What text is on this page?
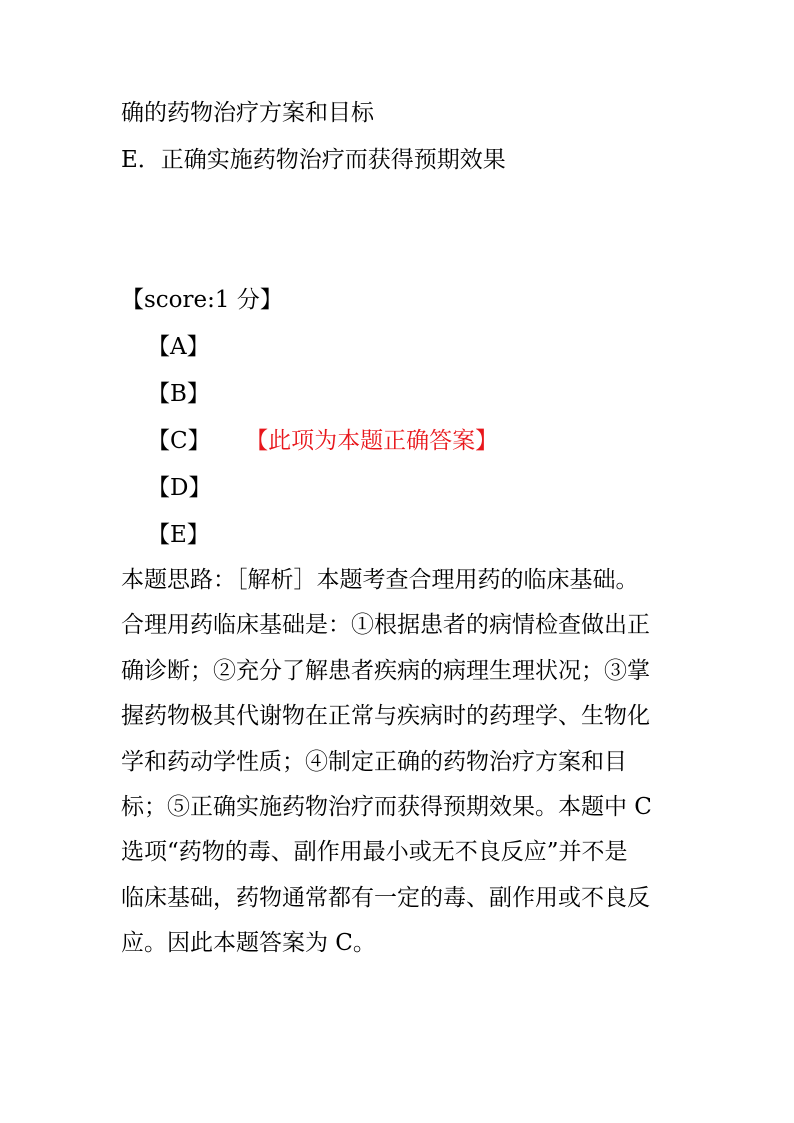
确的药物治疗方案和目标
E．正确实施药物治疗而获得预期效果
【score:1 分】
【A】
【B】
【C】 【此项为本题正确答案】
【D】
【E】
本题思路：［解析］本题考查合理用药的临床基础。
合理用药临床基础是：①根据患者的病情检查做出正
确诊断；②充分了解患者疾病的病理生理状况；③掌
握药物极其代谢物在正常与疾病时的药理学、生物化
学和药动学性质；④制定正确的药物治疗方案和目
标；⑤正确实施药物治疗而获得预期效果。本题中 C
选项“药物的毒、副作用最小或无不良反应”并不是
临床基础，药物通常都有一定的毒、副作用或不良反
应。因此本题答案为 C。
